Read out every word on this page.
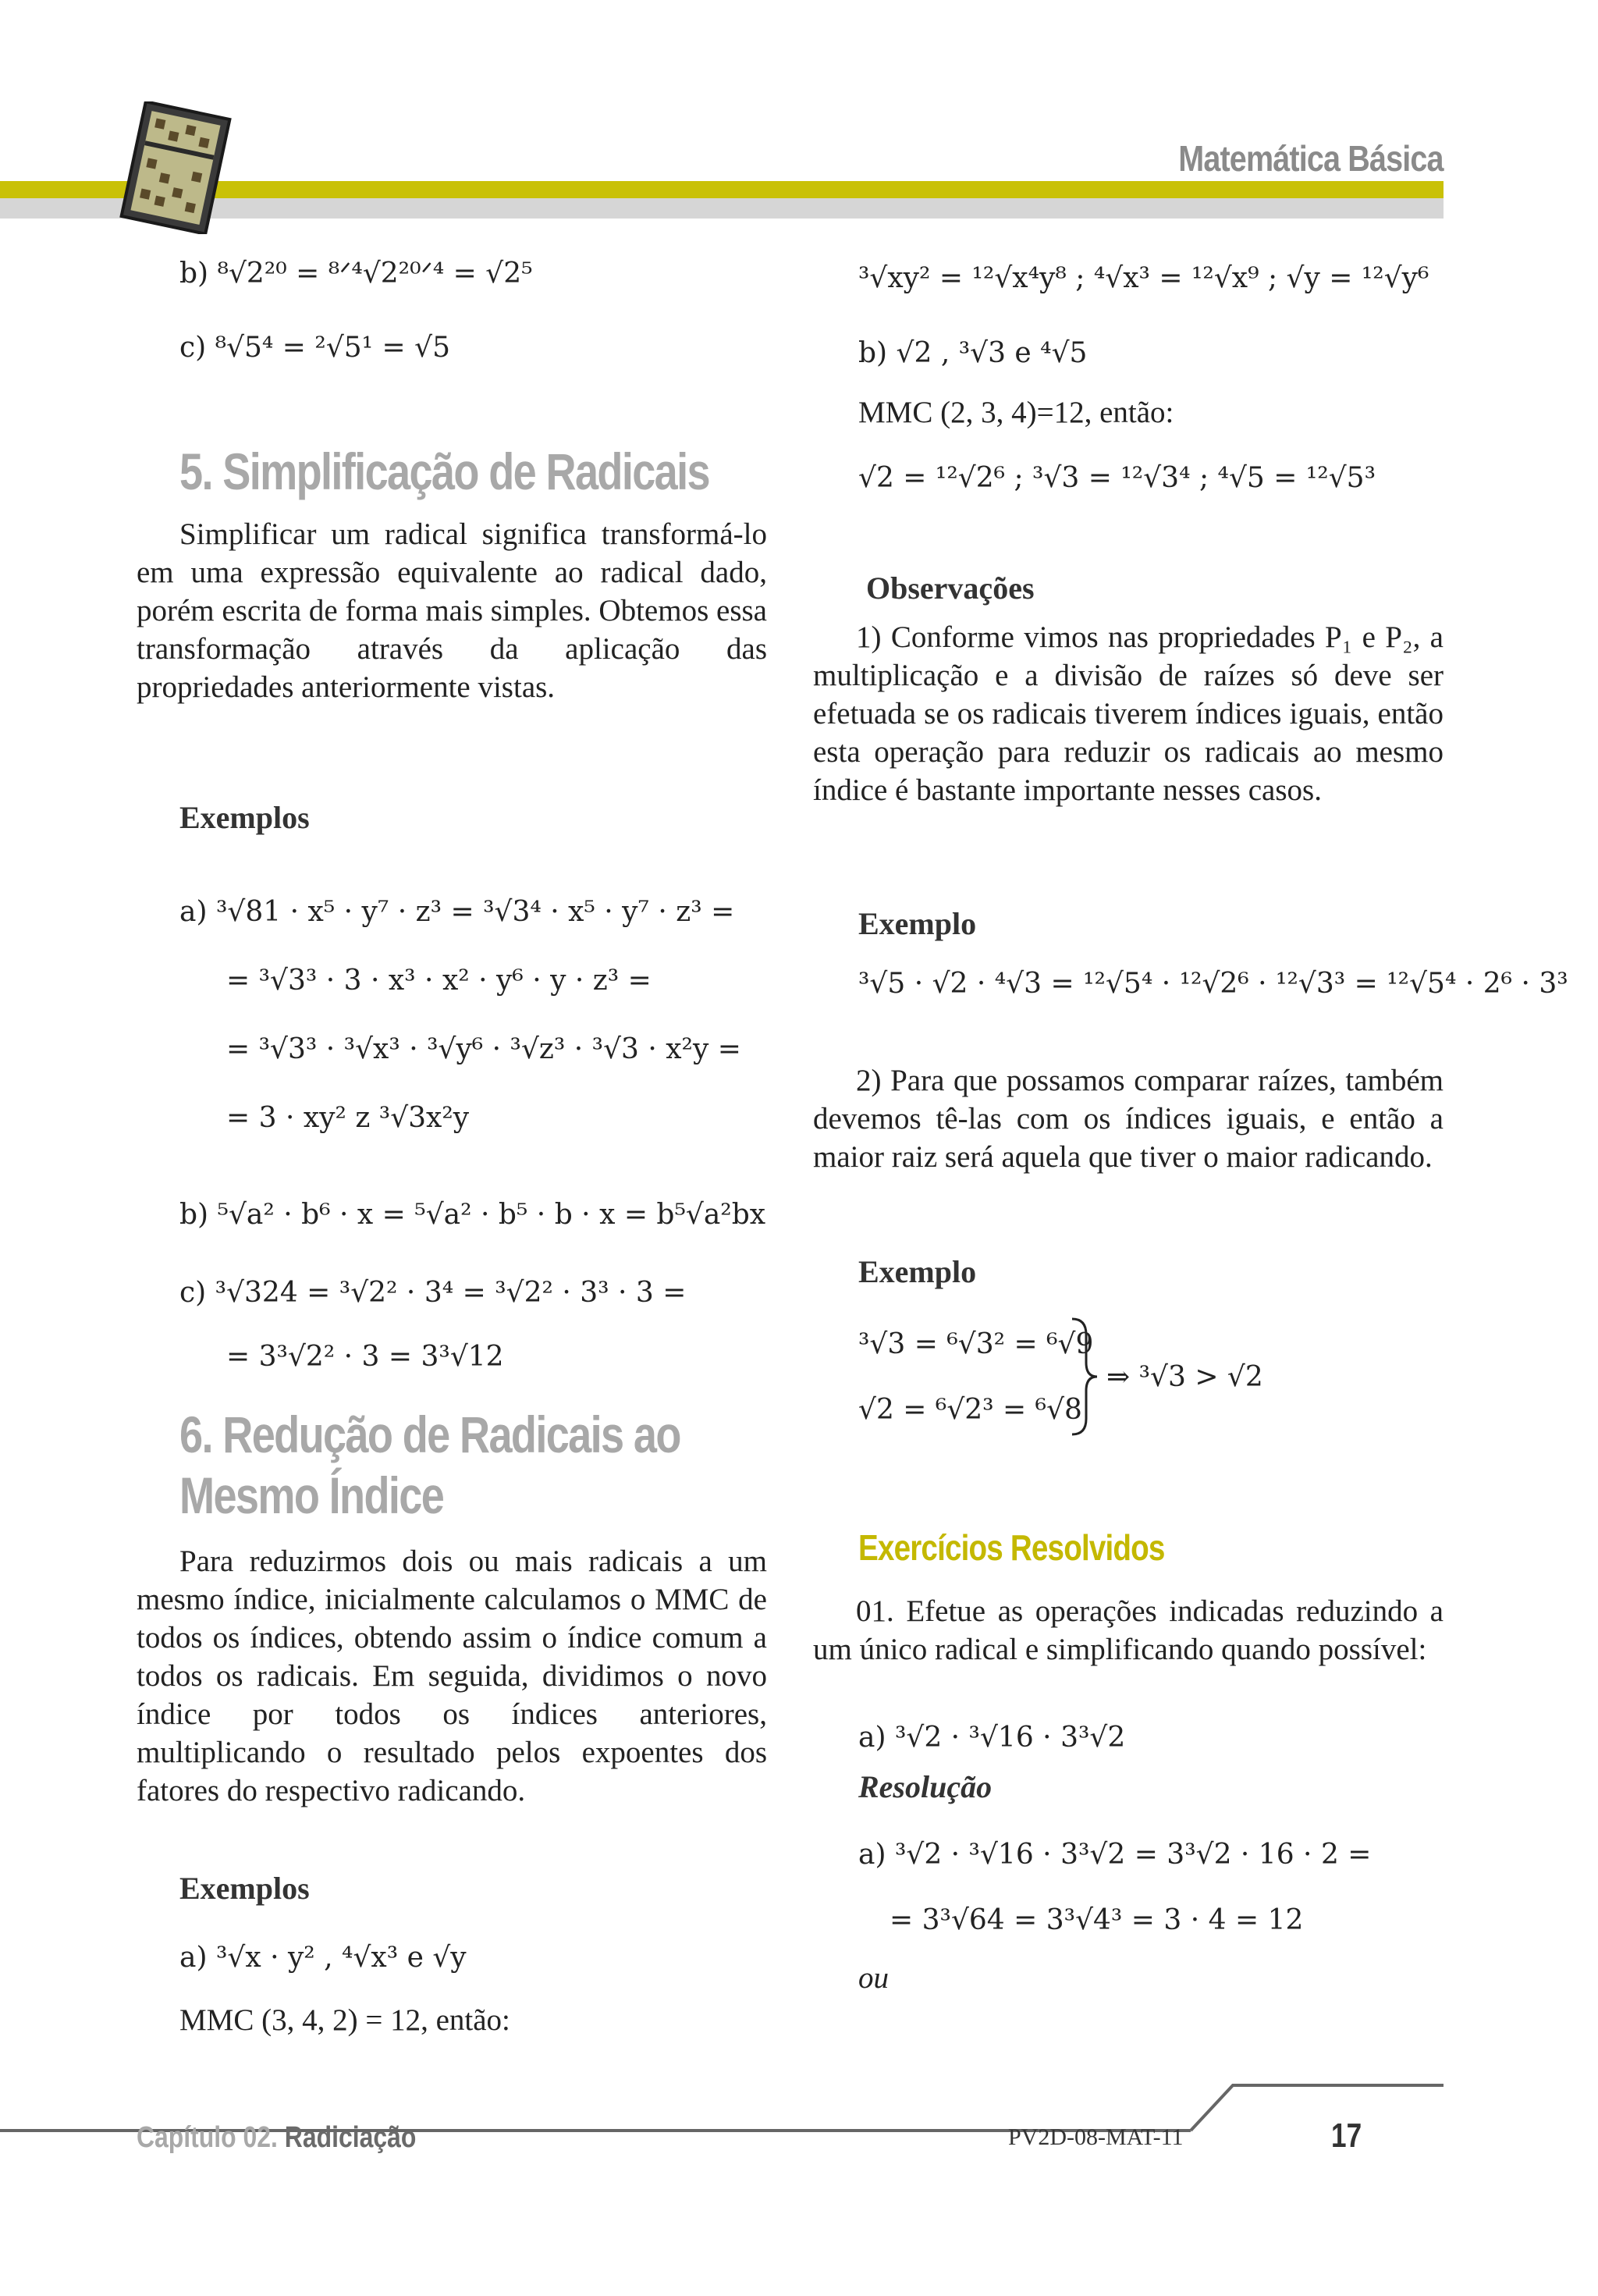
Matemática Básica
b) ⁸√2²⁰ = ⁸ᐟ⁴√2²⁰ᐟ⁴ = √2⁵
c) ⁸√5⁴ = ²√5¹ = √5
5. Simplificação de Radicais
Simplificar um radical significa transformá-lo em uma expressão equivalente ao radical dado, porém escrita de forma mais simples. Obtemos essa transformação através da aplicação das propriedades anteriormente vistas.
Exemplos
a) ³√81 · x⁵ · y⁷ · z³ = ³√3⁴ · x⁵ · y⁷ · z³ =
= ³√3³ · 3 · x³ · x² · y⁶ · y · z³ =
= ³√3³ · ³√x³ · ³√y⁶ · ³√z³ · ³√3 · x²y =
= 3 · xy² z ³√3x²y
b) ⁵√a² · b⁶ · x = ⁵√a² · b⁵ · b · x = b⁵√a²bx
c) ³√324 = ³√2² · 3⁴ = ³√2² · 3³ · 3 =
= 3³√2² · 3 = 3³√12
6. Redução de Radicais ao
Mesmo Índice
Para reduzirmos dois ou mais radicais a um mesmo índice, inicialmente calculamos o MMC de todos os índices, obtendo assim o índice comum a todos os radicais. Em seguida, dividimos o novo índice por todos os índices anteriores, multiplicando o resultado pelos expoentes dos fatores do respectivo radicando.
Exemplos
a) ³√x · y² , ⁴√x³ e √y
MMC (3, 4, 2) = 12, então:
³√xy² = ¹²√x⁴y⁸ ; ⁴√x³ = ¹²√x⁹ ; √y = ¹²√y⁶
b) √2 , ³√3 e ⁴√5
MMC (2, 3, 4)=12, então:
√2 = ¹²√2⁶ ; ³√3 = ¹²√3⁴ ; ⁴√5 = ¹²√5³
Observações
1) Conforme vimos nas propriedades P₁ e P₂, a multiplicação e a divisão de raízes só deve ser efetuada se os radicais tiverem índices iguais, então esta operação para reduzir os radicais ao mesmo índice é bastante importante nesses casos.
Exemplo
³√5 · √2 · ⁴√3 = ¹²√5⁴ · ¹²√2⁶ · ¹²√3³ = ¹²√5⁴ · 2⁶ · 3³
2) Para que possamos comparar raízes, também devemos tê-las com os índices iguais, e então a maior raiz será aquela que tiver o maior radicando.
Exemplo
³√3 = ⁶√3² = ⁶√9
√2 = ⁶√2³ = ⁶√8
⇒ ³√3 > √2
Exercícios Resolvidos
01. Efetue as operações indicadas reduzindo a um único radical e simplificando quando possível:
a) ³√2 · ³√16 · 3³√2
Resolução
a) ³√2 · ³√16 · 3³√2 = 3³√2 · 16 · 2 =
= 3³√64 = 3³√4³ = 3 · 4 = 12
ou
Capítulo 02. Radiciação	PV2D-08-MAT-11	17
